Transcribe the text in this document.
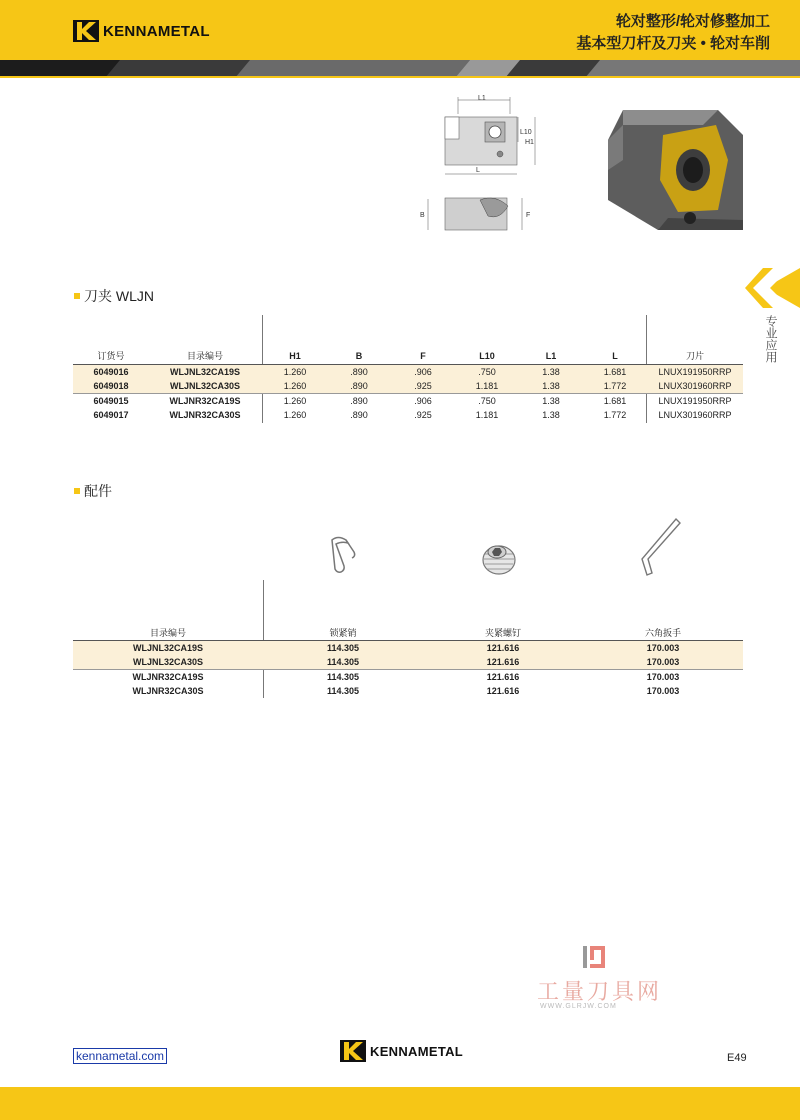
KENNAMETAL
轮对整形/轮对修整加工
基本型刀杆及刀夹 • 轮对车削
L1
L10
H1
L
B	F
专业应用
刀夹 WLJN
订货号	目录编号	H1	B	F	L10	L1	L	刀片
6049016	WLJNL32CA19S	1.260	.890	.906	.750	1.38	1.681	LNUX191950RRP
6049018	WLJNL32CA30S	1.260	.890	.925	1.181	1.38	1.772	LNUX301960RRP
6049015	WLJNR32CA19S	1.260	.890	.906	.750	1.38	1.681	LNUX191950RRP
6049017	WLJNR32CA30S	1.260	.890	.925	1.181	1.38	1.772	LNUX301960RRP
配件
目录编号	锁紧销	夹紧螺钉	六角扳手
WLJNL32CA19S	114.305	121.616	170.003
WLJNL32CA30S	114.305	121.616	170.003
WLJNR32CA19S	114.305	121.616	170.003
WLJNR32CA30S	114.305	121.616	170.003
工量刀具网
WWW.GLRJW.COM
kennametal.com	KENNAMETAL	E49
